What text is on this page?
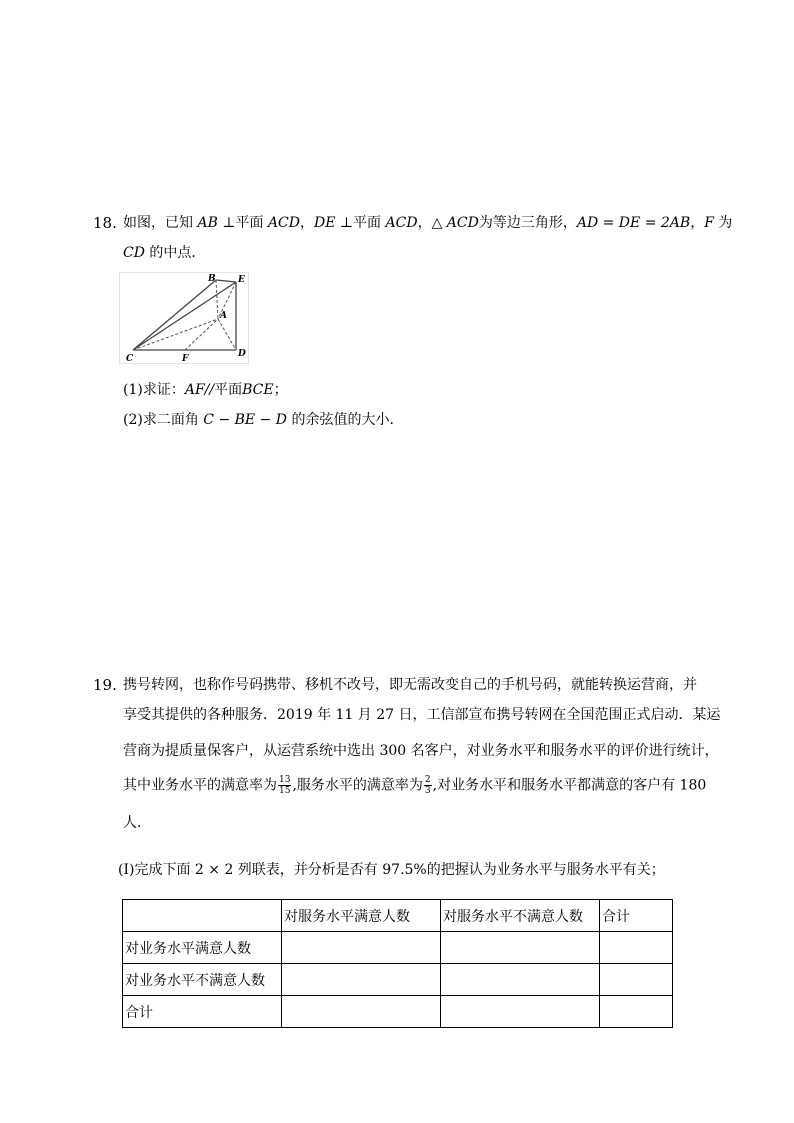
18. 如图，已知 AB ⊥平面 ACD，DE ⊥平面 ACD，△ ACD为等边三角形，AD = DE = 2AB，F 为
CD 的中点．
B E
A
C	F	D
(1)求证：AF//平面BCE；
(2)求二面角 C − BE − D 的余弦值的大小．
19. 携号转网，也称作号码携带、移机不改号，即无需改变自己的手机号码，就能转换运营商，并
享受其提供的各种服务．2019 年 11 月 27 日，工信部宣布携号转网在全国范围正式启动．某运
营商为提质量保客户，从运营系统中选出 300 名客户，对业务水平和服务水平的评价进行统计，
其中业务水平的满意率为 $\frac{13}{15}$ ,服务水平的满意率为 $\frac{2}{3}$ ,对业务水平和服务水平都满意的客户有 180
人．
(Ⅰ)完成下面 2 × 2 列联表，并分析是否有 97.5%的把握认为业务水平与服务水平有关；
	对服务水平满意人数	对服务水平不满意人数	合计
对业务水平满意人数			
对业务水平不满意人数			
合计			
